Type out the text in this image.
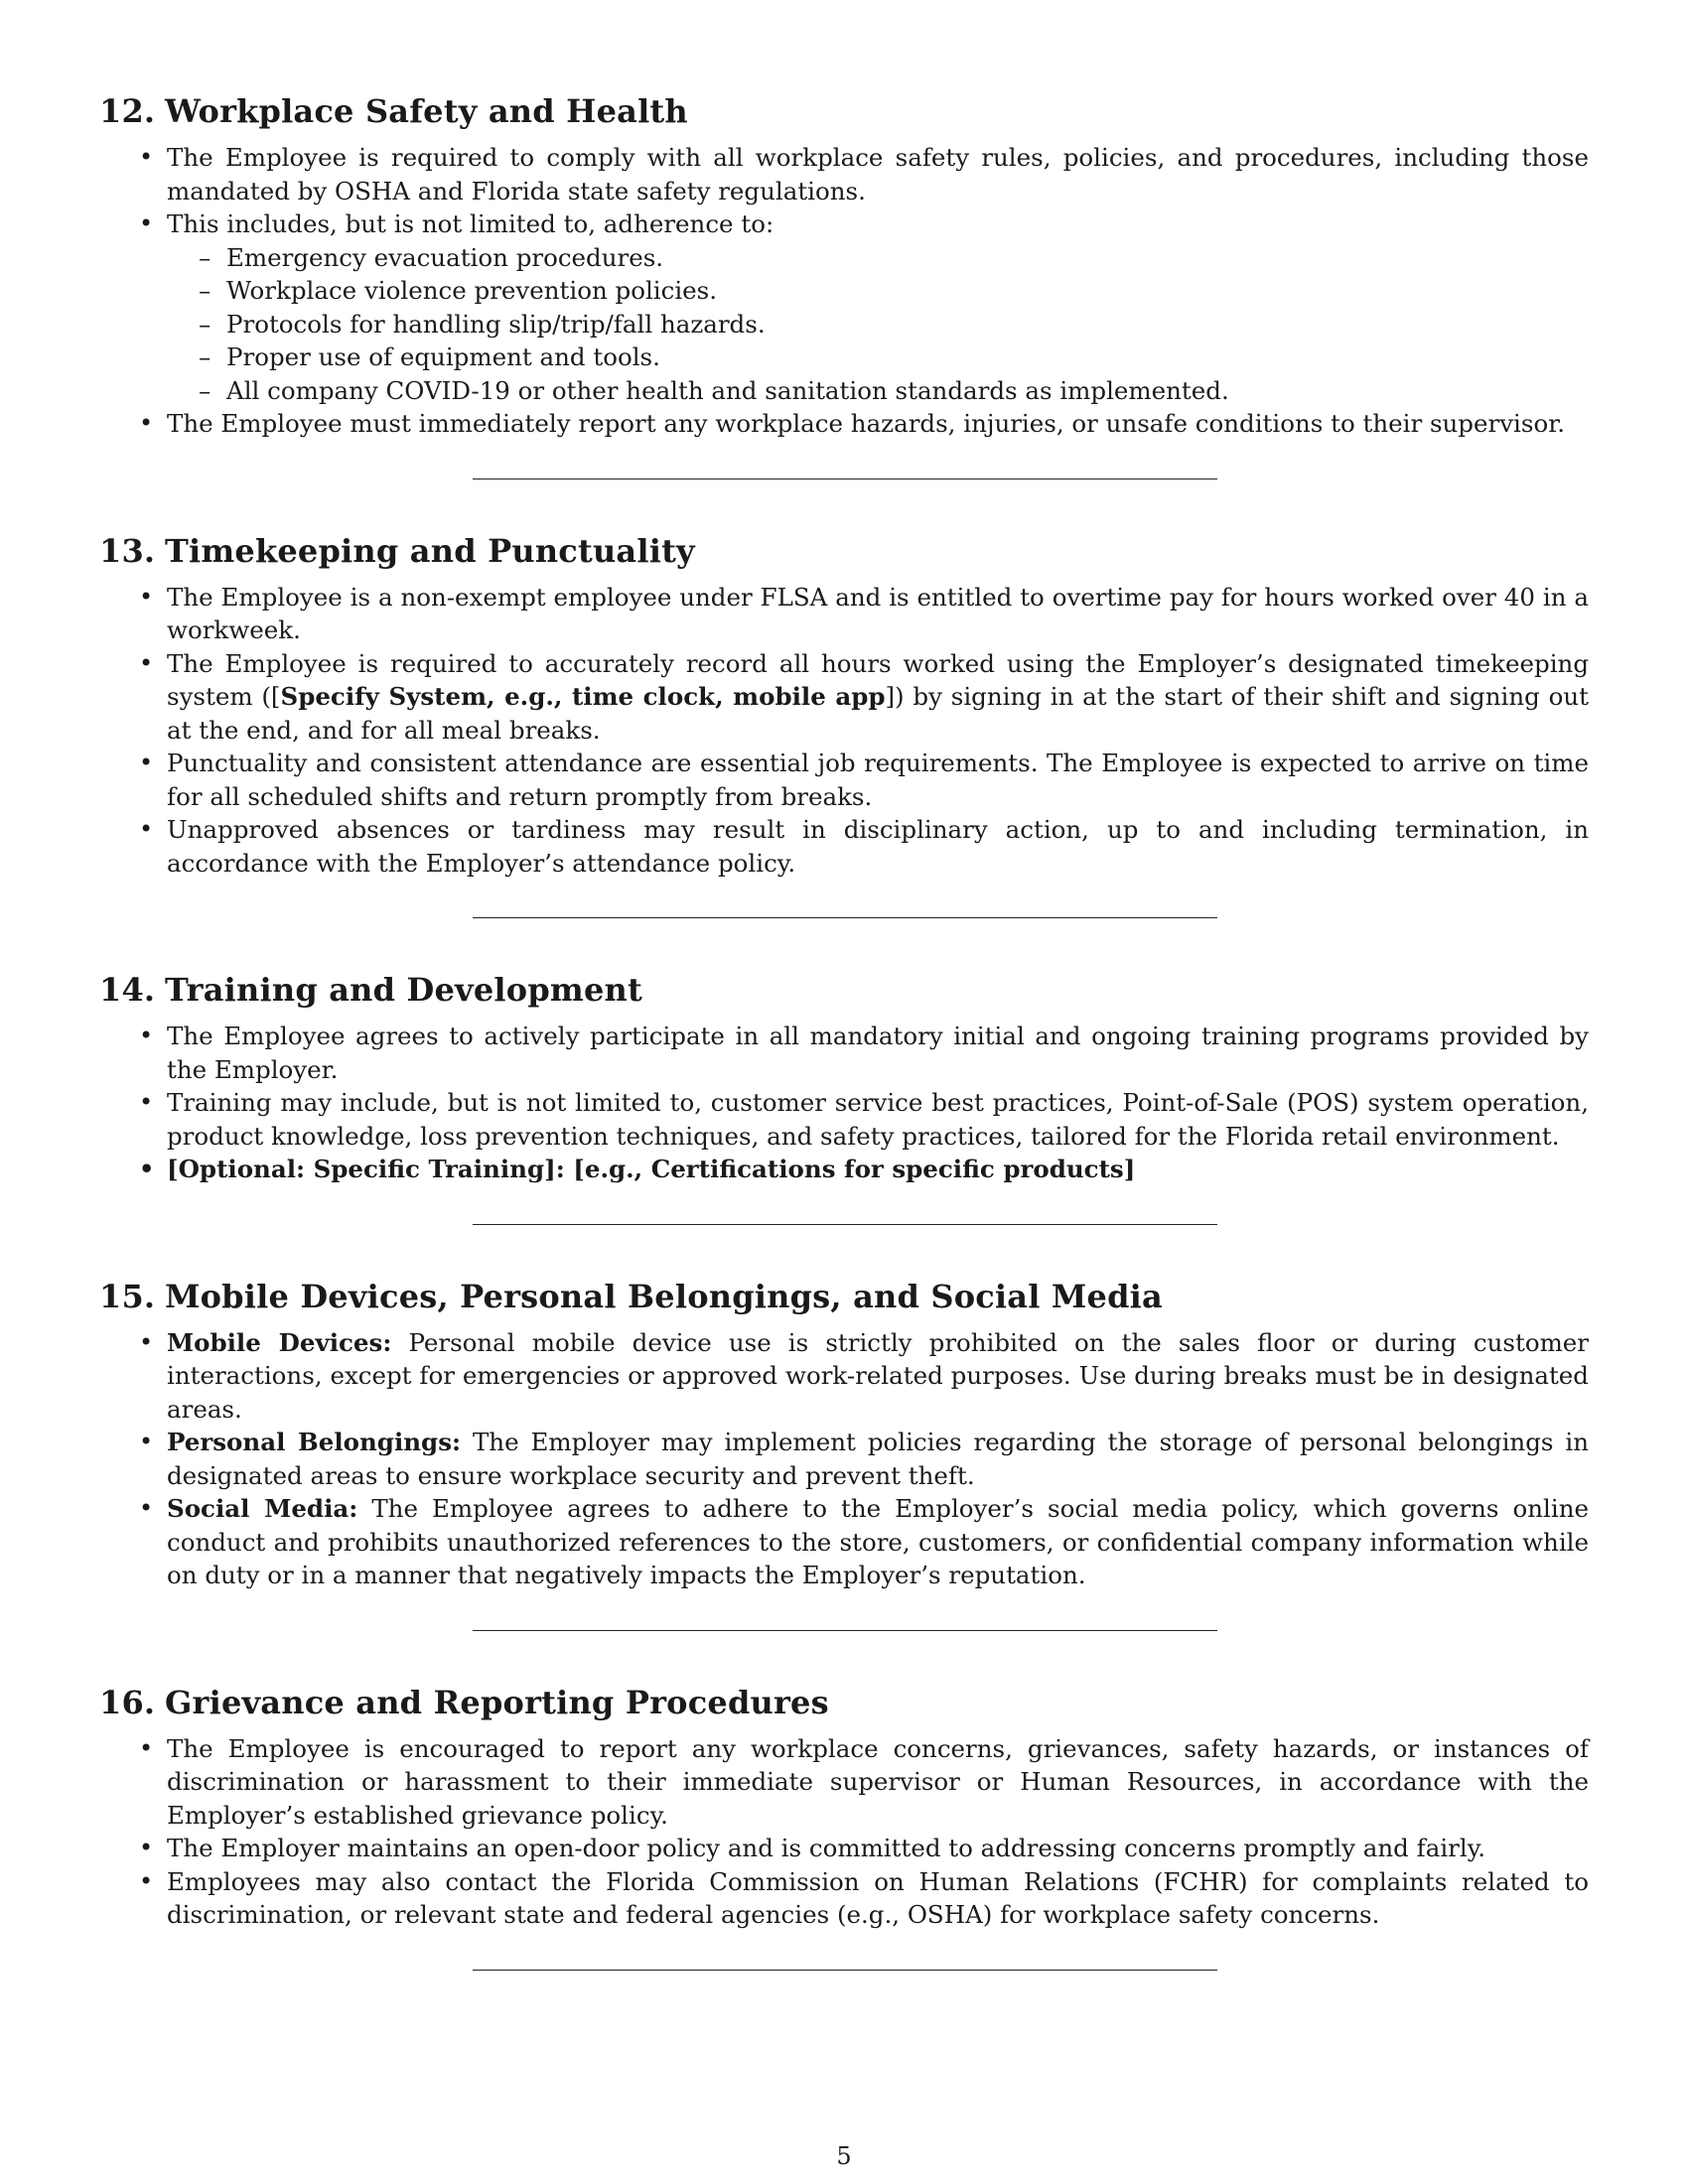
12. Workplace Safety and Health
• The Employee is required to comply with all workplace safety rules, policies, and procedures, including those mandated by OSHA and Florida state safety regulations.
• This includes, but is not limited to, adherence to:
– Emergency evacuation procedures.
– Workplace violence prevention policies.
– Protocols for handling slip/trip/fall hazards.
– Proper use of equipment and tools.
– All company COVID-19 or other health and sanitation standards as implemented.
• The Employee must immediately report any workplace hazards, injuries, or unsafe conditions to their supervisor.
13. Timekeeping and Punctuality
• The Employee is a non-exempt employee under FLSA and is entitled to overtime pay for hours worked over 40 in a workweek.
• The Employee is required to accurately record all hours worked using the Employer’s designated timekeeping system ([Specify System, e.g., time clock, mobile app]) by signing in at the start of their shift and signing out at the end, and for all meal breaks.
• Punctuality and consistent attendance are essential job requirements. The Employee is expected to arrive on time for all scheduled shifts and return promptly from breaks.
• Unapproved absences or tardiness may result in disciplinary action, up to and including termination, in accordance with the Employer’s attendance policy.
14. Training and Development
• The Employee agrees to actively participate in all mandatory initial and ongoing training programs provided by the Employer.
• Training may include, but is not limited to, customer service best practices, Point-of-Sale (POS) system operation, product knowledge, loss prevention techniques, and safety practices, tailored for the Florida retail environment.
• [Optional: Specific Training]: [e.g., Certifications for specific products]
15. Mobile Devices, Personal Belongings, and Social Media
• Mobile Devices: Personal mobile device use is strictly prohibited on the sales floor or during customer interactions, except for emergencies or approved work-related purposes. Use during breaks must be in designated areas.
• Personal Belongings: The Employer may implement policies regarding the storage of personal belongings in designated areas to ensure workplace security and prevent theft.
• Social Media: The Employee agrees to adhere to the Employer’s social media policy, which governs online conduct and prohibits unauthorized references to the store, customers, or confidential company information while on duty or in a manner that negatively impacts the Employer’s reputation.
16. Grievance and Reporting Procedures
• The Employee is encouraged to report any workplace concerns, grievances, safety hazards, or instances of discrimination or harassment to their immediate supervisor or Human Resources, in accordance with the Employer’s established grievance policy.
• The Employer maintains an open-door policy and is committed to addressing concerns promptly and fairly.
• Employees may also contact the Florida Commission on Human Relations (FCHR) for complaints related to discrimination, or relevant state and federal agencies (e.g., OSHA) for workplace safety concerns.
5
